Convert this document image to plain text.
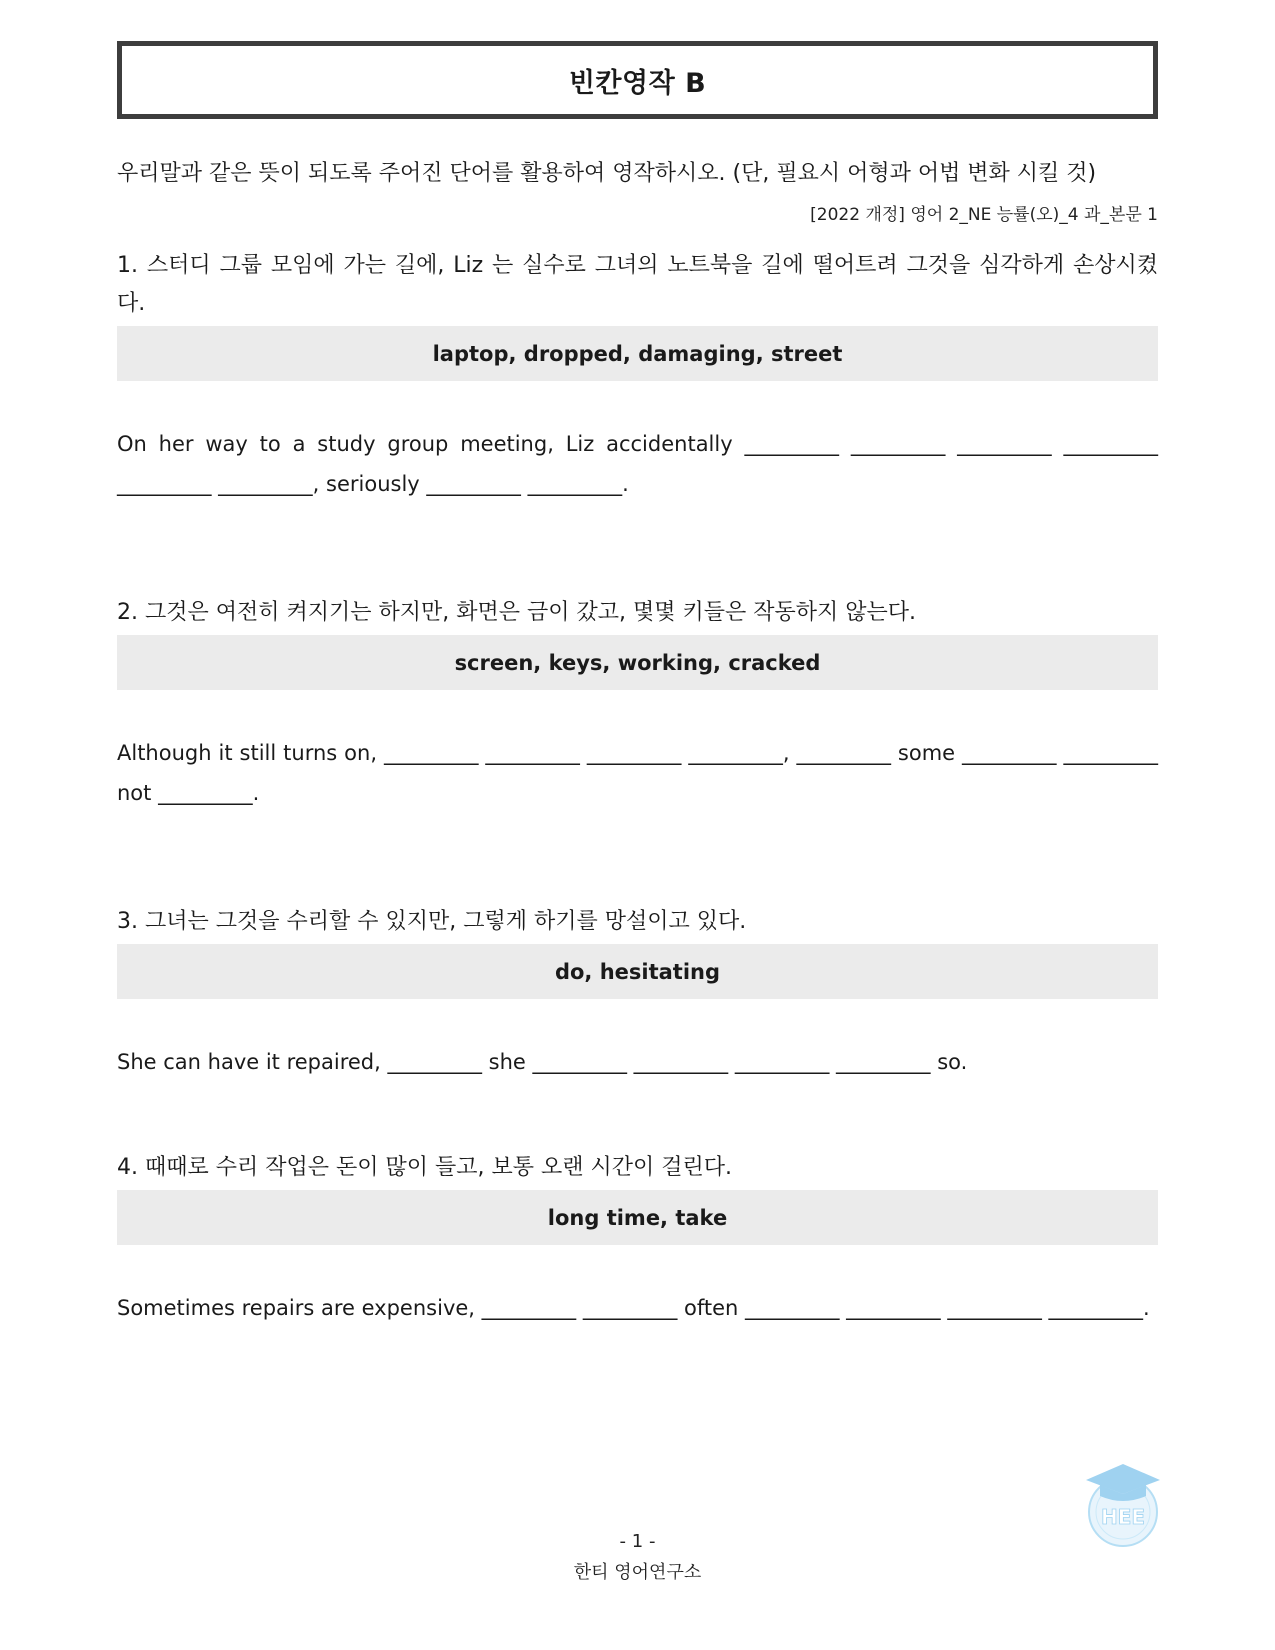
빈칸영작 B
우리말과 같은 뜻이 되도록 주어진 단어를 활용하여 영작하시오. (단, 필요시 어형과 어법 변화 시킬 것)
[2022 개정] 영어 2_NE 능률(오)_4 과_본문 1
1. 스터디 그룹 모임에 가는 길에, Liz 는 실수로 그녀의 노트북을 길에 떨어트려 그것을 심각하게 손상시켰다.
laptop, dropped, damaging, street
On her way to a study group meeting, Liz accidentally _________ _________ _________ _________ _________ _________, seriously _________ _________.
2. 그것은 여전히 켜지기는 하지만, 화면은 금이 갔고, 몇몇 키들은 작동하지 않는다.
screen, keys, working, cracked
Although it still turns on, _________ _________ _________ _________, _________ some _________ _________ not _________.
3. 그녀는 그것을 수리할 수 있지만, 그렇게 하기를 망설이고 있다.
do, hesitating
She can have it repaired, _________ she _________ _________ _________ _________ so.
4. 때때로 수리 작업은 돈이 많이 들고, 보통 오랜 시간이 걸린다.
long time, take
Sometimes repairs are expensive, _________ _________ often _________ _________ _________ _________.
HEE
- 1 -
한티 영어연구소
